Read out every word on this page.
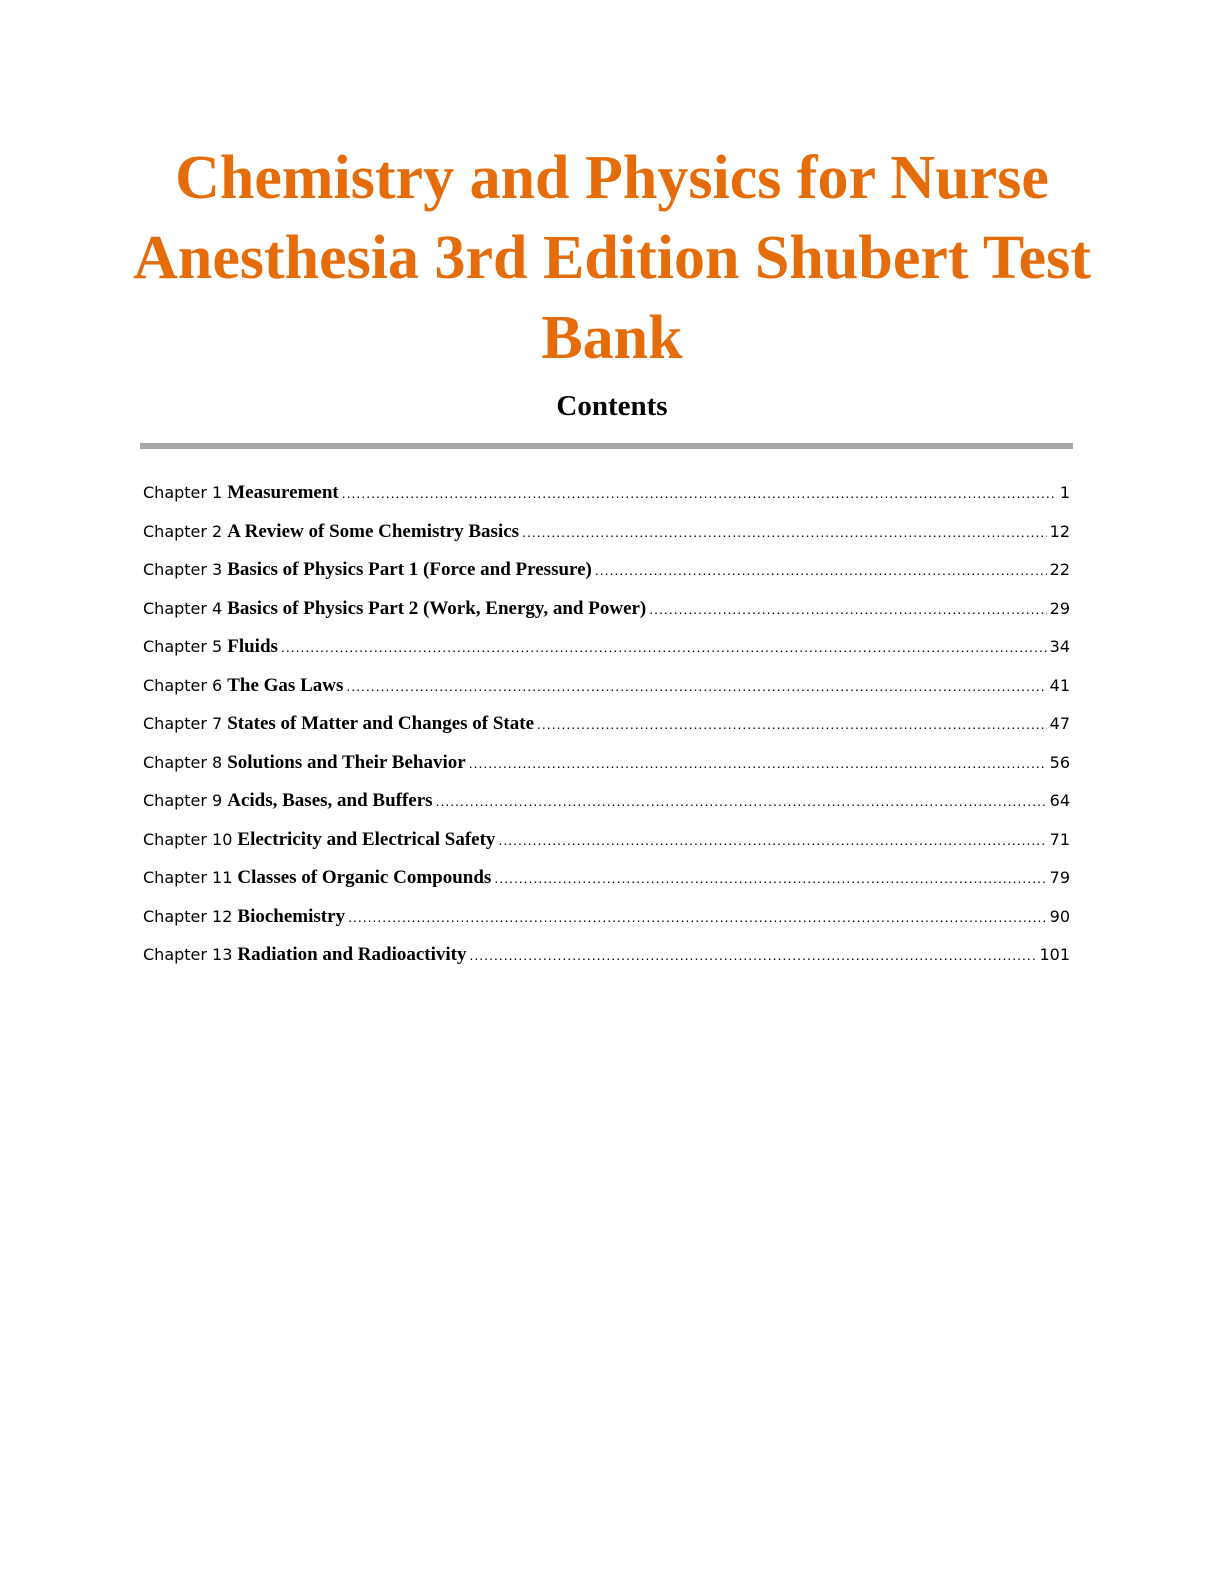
Chemistry and Physics for Nurse
Anesthesia 3rd Edition Shubert Test
Bank
Contents
Chapter 1 Measurement .....	1
Chapter 2 A Review of Some Chemistry Basics .....	12
Chapter 3 Basics of Physics Part 1 (Force and Pressure) .....	22
Chapter 4 Basics of Physics Part 2 (Work, Energy, and Power) .....	29
Chapter 5 Fluids .....	34
Chapter 6 The Gas Laws .....	41
Chapter 7 States of Matter and Changes of State .....	47
Chapter 8 Solutions and Their Behavior .....	56
Chapter 9 Acids, Bases, and Buffers .....	64
Chapter 10 Electricity and Electrical Safety .....	71
Chapter 11 Classes of Organic Compounds .....	79
Chapter 12 Biochemistry .....	90
Chapter 13 Radiation and Radioactivity .....	101
